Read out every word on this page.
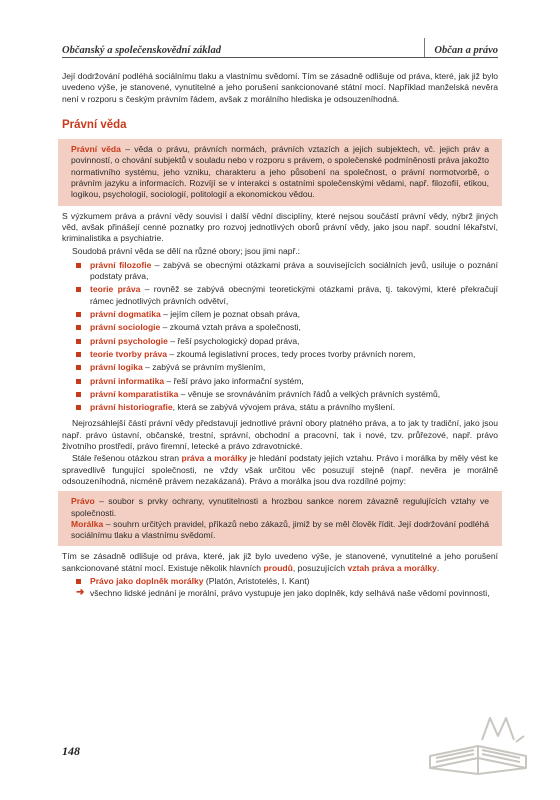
Občanský a společenskovědní základ	Občan a právo

Její dodržování podléhá sociálnímu tlaku a vlastnímu svědomí. Tím se zásadně odlišuje od práva, které, jak již bylo uvedeno výše, je stanovené, vynutitelné a jeho porušení sankcionované státní mocí. Například manželská nevěra není v rozporu s českým právním řádem, avšak z morálního hlediska je odsouzeníhodná.

Právní věda

Právní věda – věda o právu, právních normách, právních vztazích a jejich subjektech, vč. jejich práv a povinností, o chování subjektů v souladu nebo v rozporu s právem, o společenské podmíněnosti práva jakožto normativního systému, jeho vzniku, charakteru a jeho působení na společnost, o právní normotvorbě, o právním jazyku a informacích. Rozvíjí se v interakci s ostatními společenskými vědami, např. filozofií, etikou, logikou, psychologií, sociologií, politologií a ekonomickou vědou.

S výzkumem práva a právní vědy souvisí i další vědní disciplíny, které nejsou součástí právní vědy, nýbrž jiných věd, avšak přinášejí cenné poznatky pro rozvoj jednotlivých oborů právní vědy, jako jsou např. soudní lékařství, kriminalistika a psychiatrie.

Soudobá právní věda se dělí na různé obory; jsou jimi např.:

právní filozofie – zabývá se obecnými otázkami práva a souvisejících sociálních jevů, usiluje o poznání podstaty práva,
teorie práva – rovněž se zabývá obecnými teoretickými otázkami práva, tj. takovými, které překračují rámec jednotlivých právních odvětví,
právní dogmatika – jejím cílem je poznat obsah práva,
právní sociologie – zkoumá vztah práva a společnosti,
právní psychologie – řeší psychologický dopad práva,
teorie tvorby práva – zkoumá legislativní proces, tedy proces tvorby právních norem,
právní logika – zabývá se právním myšlením,
právní informatika – řeší právo jako informační systém,
právní komparatistika – věnuje se srovnáváním právních řádů a velkých právních systémů,
právní historiografie, která se zabývá vývojem práva, státu a právního myšlení.

Nejrozsáhlejší částí právní vědy představují jednotlivé právní obory platného práva, a to jak ty tradiční, jako jsou např. právo ústavní, občanské, trestní, správní, obchodní a pracovní, tak i nové, tzv. průřezové, např. právo životního prostředí, právo firemní, letecké a právo zdravotnické.

Stále řešenou otázkou stran práva a morálky je hledání podstaty jejich vztahu. Právo i morálka by měly vést ke spravedlivě fungující společnosti, ne vždy však určitou věc posuzují stejně (např. nevěra je morálně odsouzeníhodná, nicméně právem nezakázaná). Právo a morálka jsou dva rozdílné pojmy:

Právo – soubor s prvky ochrany, vynutitelnosti a hrozbou sankce norem závazně regulujících vztahy ve společnosti.

Morálka – souhrn určitých pravidel, příkazů nebo zákazů, jimiž by se měl člověk řídit. Její dodržování podléhá sociálnímu tlaku a vlastnímu svědomí.

Tím se zásadně odlišuje od práva, které, jak již bylo uvedeno výše, je stanovené, vynutitelné a jeho porušení sankcionované státní mocí. Existuje několik hlavních proudů, posuzujících vztah práva a morálky.

Právo jako doplněk morálky (Platón, Aristotelés, I. Kant)

➜ všechno lidské jednání je morální, právo vystupuje jen jako doplněk, kdy selhává naše vědomí povinnosti,

148
